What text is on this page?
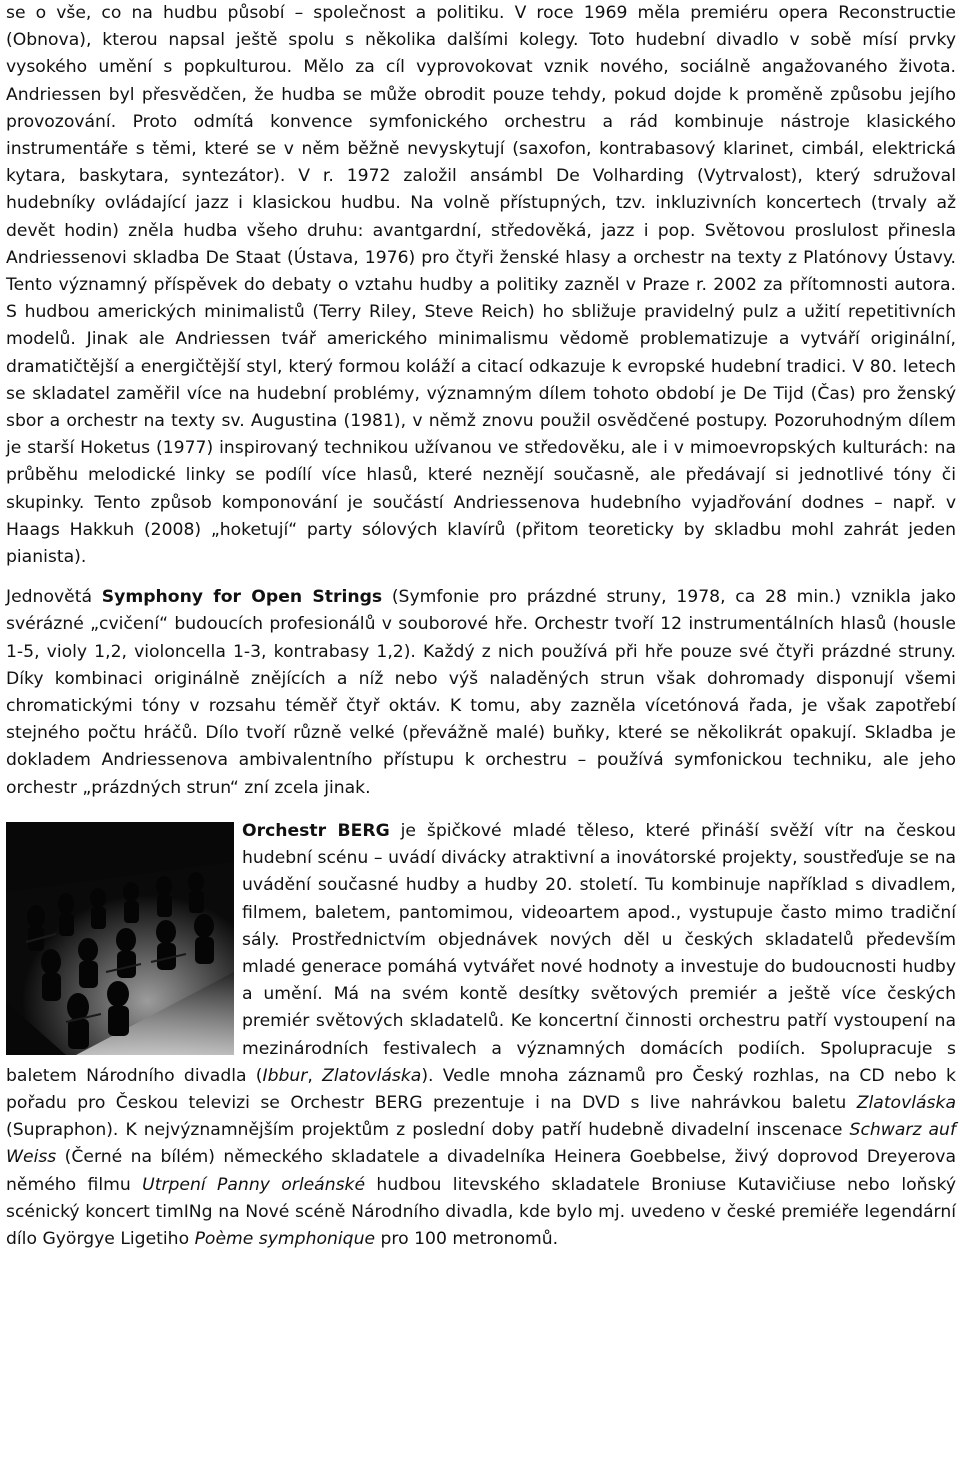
se o vše, co na hudbu působí – společnost a politiku. V roce 1969 měla premiéru opera Reconstructie (Obnova), kterou napsal ještě spolu s několika dalšími kolegy. Toto hudební divadlo v sobě mísí prvky vysokého umění s popkulturou. Mělo za cíl vyprovokovat vznik nového, sociálně angažovaného života. Andriessen byl přesvědčen, že hudba se může obrodit pouze tehdy, pokud dojde k proměně způsobu jejího provozování. Proto odmítá konvence symfonického orchestru a rád kombinuje nástroje klasického instrumentáře s těmi, které se v něm běžně nevyskytují (saxofon, kontrabasový klarinet, cimbál, elektrická kytara, baskytara, syntezátor). V r. 1972 založil ansámbl De Volharding (Vytrvalost), který sdružoval hudebníky ovládající jazz i klasickou hudbu. Na volně přístupných, tzv. inkluzivních koncertech (trvaly až devět hodin) zněla hudba všeho druhu: avantgardní, středověká, jazz i pop. Světovou proslulost přinesla Andriessenovi skladba De Staat (Ústava, 1976) pro čtyři ženské hlasy a orchestr na texty z Platónovy Ústavy. Tento významný příspěvek do debaty o vztahu hudby a politiky zazněl v Praze r. 2002 za přítomnosti autora. S hudbou amerických minimalistů (Terry Riley, Steve Reich) ho sbližuje pravidelný pulz a užití repetitivních modelů. Jinak ale Andriessen tvář amerického minimalismu vědomě problematizuje a vytváří originální, dramatičtější a energičtější styl, který formou koláží a citací odkazuje k evropské hudební tradici. V 80. letech se skladatel zaměřil více na hudební problémy, významným dílem tohoto období je De Tijd (Čas) pro ženský sbor a orchestr na texty sv. Augustina (1981), v němž znovu použil osvědčené postupy. Pozoruhodným dílem je starší Hoketus (1977) inspirovaný technikou užívanou ve středověku, ale i v mimoevropských kulturách: na průběhu melodické linky se podílí více hlasů, které neznějí současně, ale předávají si jednotlivé tóny či skupinky. Tento způsob komponování je součástí Andriessenova hudebního vyjadřování dodnes – např. v Haags Hakkuh (2008) „hoketují“ party sólových klavírů (přitom teoreticky by skladbu mohl zahrát jeden pianista).

Jednovětá Symphony for Open Strings (Symfonie pro prázdné struny, 1978, ca 28 min.) vznikla jako svérázné „cvičení“ budoucích profesionálů v souborové hře. Orchestr tvoří 12 instrumentálních hlasů (housle 1-5, violy 1,2, violoncella 1-3, kontrabasy 1,2). Každý z nich používá při hře pouze své čtyři prázdné struny. Díky kombinaci originálně znějících a níž nebo výš naladěných strun však dohromady disponují všemi chromatickými tóny v rozsahu téměř čtyř oktáv. K tomu, aby zazněla vícetónová řada, je však zapotřebí stejného počtu hráčů. Dílo tvoří různě velké (převážně malé) buňky, které se několikrát opakují. Skladba je dokladem Andriessenova ambivalentního přístupu k orchestru – používá symfonickou techniku, ale jeho orchestr „prázdných strun“ zní zcela jinak.

Orchestr BERG je špičkové mladé těleso, které přináší svěží vítr na českou hudební scénu – uvádí divácky atraktivní a inovátorské projekty, soustřeďuje se na uvádění současné hudby a hudby 20. století. Tu kombinuje například s divadlem, filmem, baletem, pantomimou, videoartem apod., vystupuje často mimo tradiční sály. Prostřednictvím objednávek nových děl u českých skladatelů především mladé generace pomáhá vytvářet nové hodnoty a investuje do budoucnosti hudby a umění. Má na svém kontě desítky světových premiér a ještě více českých premiér světových skladatelů. Ke koncertní činnosti orchestru patří vystoupení na mezinárodních festivalech a významných domácích podiích. Spolupracuje s baletem Národního divadla (Ibbur, Zlatovláska). Vedle mnoha záznamů pro Český rozhlas, na CD nebo k pořadu pro Českou televizi se Orchestr BERG prezentuje i na DVD s live nahrávkou baletu Zlatovláska (Supraphon). K nejvýznamnějším projektům z poslední doby patří hudebně divadelní inscenace Schwarz auf Weiss (Černé na bílém) německého skladatele a divadelníka Heinera Goebbelse, živý doprovod Dreyerova němého filmu Utrpení Panny orleánské hudbou litevského skladatele Broniuse Kutavičiuse nebo loňský scénický koncert timINg na Nové scéně Národního divadla, kde bylo mj. uvedeno v české premiéře legendární dílo Györgye Ligetiho Poème symphonique pro 100 metronomů.
